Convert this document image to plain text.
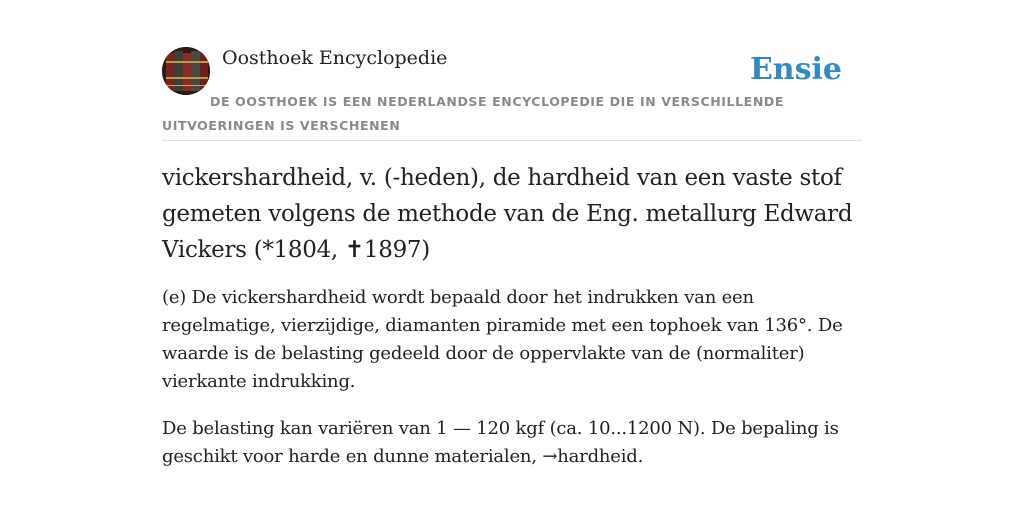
Oosthoek Encyclopedie	Ensie
DE OOSTHOEK IS EEN NEDERLANDSE ENCYCLOPEDIE DIE IN VERSCHILLENDE UITVOERINGEN IS VERSCHENEN

vickershardheid, v. (-heden), de hardheid van een vaste stof gemeten volgens de methode van de Eng. metallurg Edward Vickers (*1804, ✝1897)

(e) De vickershardheid wordt bepaald door het indrukken van een regelmatige, vierzijdige, diamanten piramide met een tophoek van 136°. De waarde is de belasting gedeeld door de oppervlakte van de (normaliter) vierkante indrukking.

De belasting kan variëren van 1 — 120 kgf (ca. 10...1200 N). De bepaling is geschikt voor harde en dunne materialen, →hardheid.
